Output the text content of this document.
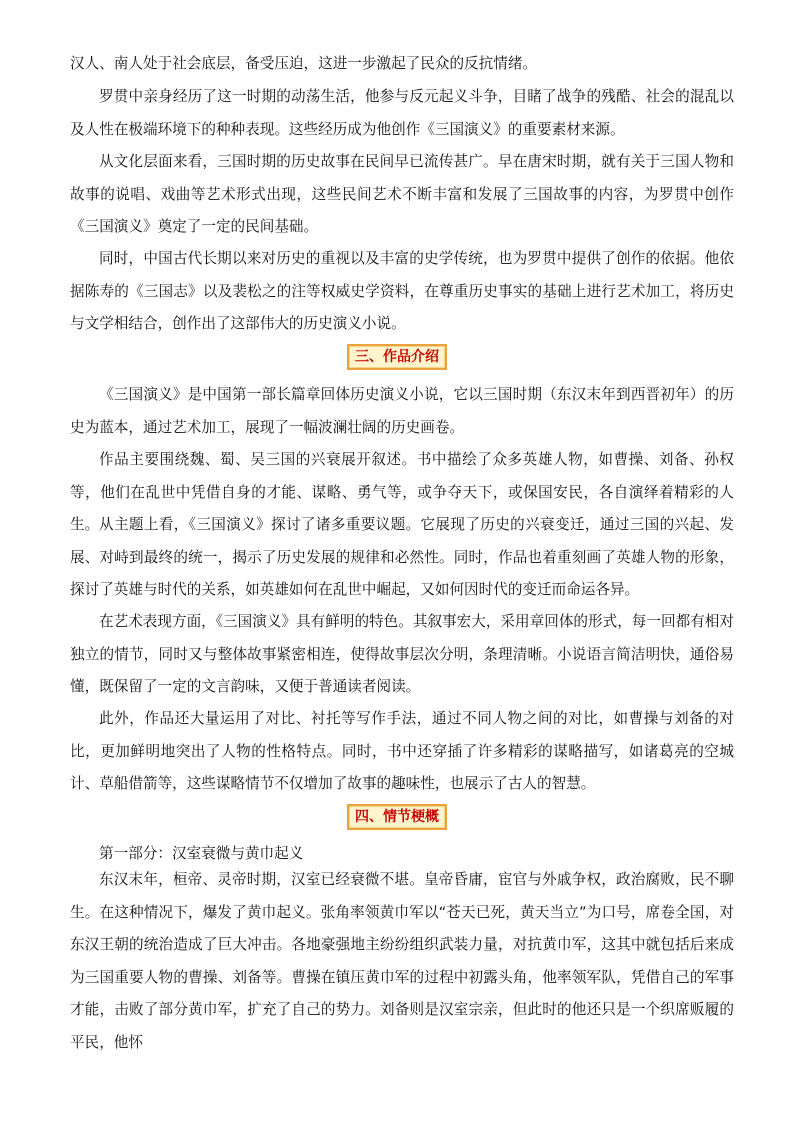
汉人、南人处于社会底层，备受压迫，这进一步激起了民众的反抗情绪。

罗贯中亲身经历了这一时期的动荡生活，他参与反元起义斗争，目睹了战争的残酷、社会的混乱以及人性在极端环境下的种种表现。这些经历成为他创作《三国演义》的重要素材来源。

从文化层面来看，三国时期的历史故事在民间早已流传甚广。早在唐宋时期，就有关于三国人物和故事的说唱、戏曲等艺术形式出现，这些民间艺术不断丰富和发展了三国故事的内容，为罗贯中创作《三国演义》奠定了一定的民间基础。

同时，中国古代长期以来对历史的重视以及丰富的史学传统，也为罗贯中提供了创作的依据。他依据陈寿的《三国志》以及裴松之的注等权威史学资料，在尊重历史事实的基础上进行艺术加工，将历史与文学相结合，创作出了这部伟大的历史演义小说。

三、作品介绍

《三国演义》是中国第一部长篇章回体历史演义小说，它以三国时期（东汉末年到西晋初年）的历史为蓝本，通过艺术加工，展现了一幅波澜壮阔的历史画卷。

作品主要围绕魏、蜀、吴三国的兴衰展开叙述。书中描绘了众多英雄人物，如曹操、刘备、孙权等，他们在乱世中凭借自身的才能、谋略、勇气等，或争夺天下，或保国安民，各自演绎着精彩的人生。 从主题上看，《三国演义》探讨了诸多重要议题。它展现了历史的兴衰变迁，通过三国的兴起、发展、对峙到最终的统一，揭示了历史发展的规律和必然性。同时，作品也着重刻画了英雄人物的形象，探讨了英雄与时代的关系，如英雄如何在乱世中崛起，又如何因时代的变迁而命运各异。

在艺术表现方面，《三国演义》具有鲜明的特色。其叙事宏大，采用章回体的形式，每一回都有相对独立的情节，同时又与整体故事紧密相连，使得故事层次分明，条理清晰。小说语言简洁明快，通俗易懂，既保留了一定的文言韵味，又便于普通读者阅读。

此外，作品还大量运用了对比、衬托等写作手法，通过不同人物之间的对比，如曹操与刘备的对比，更加鲜明地突出了人物的性格特点。同时，书中还穿插了许多精彩的谋略描写，如诸葛亮的空城计、草船借箭等，这些谋略情节不仅增加了故事的趣味性，也展示了古人的智慧。

四、情节梗概
第一部分：汉室衰微与黄巾起义

东汉末年，桓帝、灵帝时期，汉室已经衰微不堪。皇帝昏庸，宦官与外戚争权，政治腐败，民不聊生。在这种情况下，爆发了黄巾起义。张角率领黄巾军以“苍天已死，黄天当立”为口号，席卷全国，对东汉王朝的统治造成了巨大冲击。各地豪强地主纷纷组织武装力量，对抗黄巾军，这其中就包括后来成为三国重要人物的曹操、刘备等。曹操在镇压黄巾军的过程中初露头角，他率领军队，凭借自己的军事才能，击败了部分黄巾军，扩充了自己的势力。刘备则是汉室宗亲，但此时的他还只是一个织席贩履的平民，他怀
